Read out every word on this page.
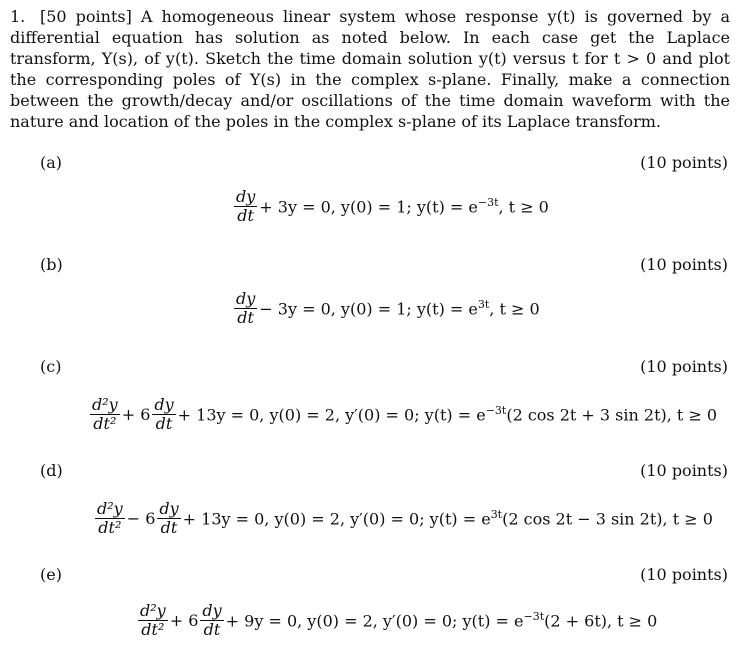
1. [50 points] A homogeneous linear system whose response y(t) is governed by a differential equation has solution as noted below. In each case get the Laplace transform, Y(s), of y(t). Sketch the time domain solution y(t) versus t for t > 0 and plot the corresponding poles of Y(s) in the complex s-plane. Finally, make a connection between the growth/decay and/or oscillations of the time domain waveform with the nature and location of the poles in the complex s-plane of its Laplace transform.
(a)	(10 points)
$\frac{dy}{dt} + 3y = 0$, y(0) = 1; $y(t) = e^{-3t}$, t ≥ 0
(b)	(10 points)
$\frac{dy}{dt} - 3y = 0$, y(0) = 1; $y(t) = e^{3t}$, t ≥ 0
(c)	(10 points)
$\frac{\text{d²y}}{\text{dt²}} + 6 \frac{dy}{dt} + 13y = 0$, y(0) = 2, y′(0) = 0; $y(t) = e^{-3t}(2$ cos 2t + 3 sin 2t), t ≥ 0
(d)	(10 points)
$\frac{\text{d²y}}{\text{dt²}} - 6 \frac{dy}{dt} + 13y = 0$, y(0) = 2, y′(0) = 0; $y(t) = e^{3t}(2$ cos 2t − 3 sin 2t), t ≥ 0
(e)	(10 points)
$\frac{\text{d²y}}{\text{dt²}} + 6 \frac{dy}{dt} + 9y = 0$, y(0) = 2, y′(0) = 0; $y(t) = e^{-3t}(2 + 6t)$, t ≥ 0
